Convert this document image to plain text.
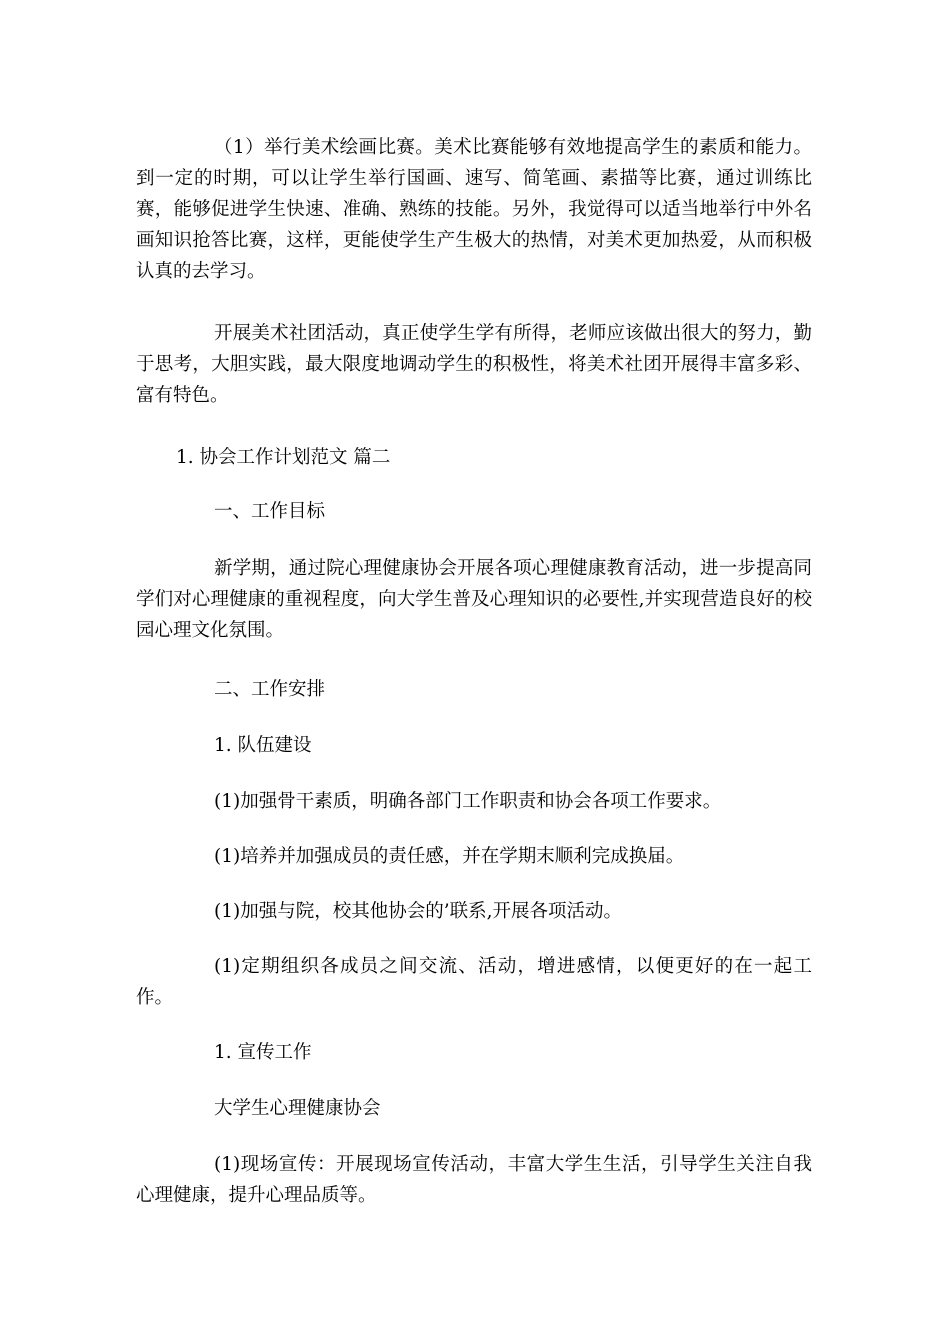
（1）举行美术绘画比赛。美术比赛能够有效地提高学生的素质和能力。到一定的时期，可以让学生举行国画、速写、简笔画、素描等比赛，通过训练比赛，能够促进学生快速、准确、熟练的技能。另外，我觉得可以适当地举行中外名画知识抢答比赛，这样，更能使学生产生极大的热情，对美术更加热爱，从而积极认真的去学习。

开展美术社团活动，真正使学生学有所得，老师应该做出很大的努力，勤于思考，大胆实践，最大限度地调动学生的积极性，将美术社团开展得丰富多彩、富有特色。

1. 协会工作计划范文 篇二

一、工作目标

新学期，通过院心理健康协会开展各项心理健康教育活动，进一步提高同学们对心理健康的重视程度，向大学生普及心理知识的必要性,并实现营造良好的校园心理文化氛围。

二、工作安排

1. 队伍建设

(1)加强骨干素质，明确各部门工作职责和协会各项工作要求。

(1)培养并加强成员的责任感，并在学期末顺利完成换届。

(1)加强与院，校其他协会的’联系,开展各项活动。

(1)定期组织各成员之间交流、活动，增进感情，以便更好的在一起工作。

1. 宣传工作

大学生心理健康协会

(1)现场宣传：开展现场宣传活动，丰富大学生生活，引导学生关注自我心理健康，提升心理品质等。
